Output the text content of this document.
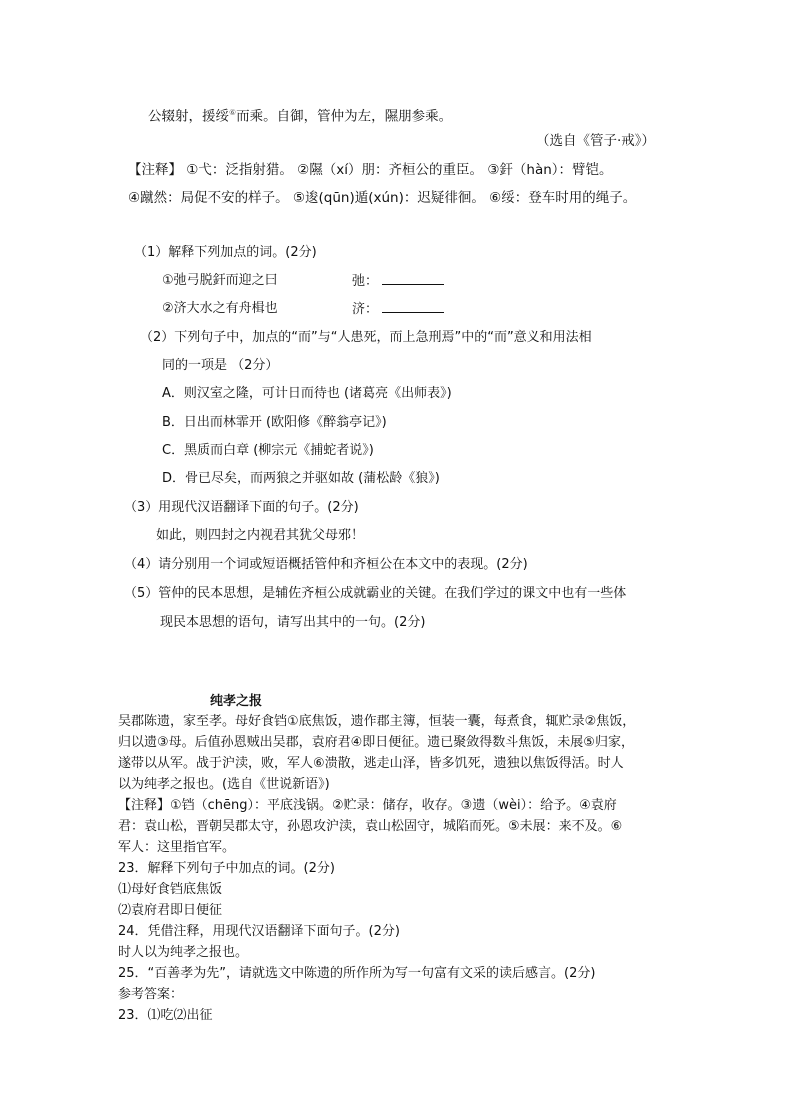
公辍射，援绥⑥而乘。自御，管仲为左，隰朋参乘。
（选自《管子·戒》）
【注释】 ①弋：泛指射猎。 ②隰（xí）朋：齐桓公的重臣。 ③釬（hàn）：臂铠。
④蹴然：局促不安的样子。 ⑤逡(qūn)遁(xún)：迟疑徘徊。 ⑥绥：登车时用的绳子。
（1）解释下列加点的词。(2分)
①弛弓脱釬而迎之曰	弛：
②济大水之有舟楫也	济：
（2）下列句子中，加点的“而”与“人患死，而上急刑焉”中的“而”意义和用法相
同的一项是 （2分）
A．则汉室之隆，可计日而待也 (诸葛亮《出师表》)
B．日出而林霏开 (欧阳修《醉翁亭记》)
C．黑质而白章 (柳宗元《捕蛇者说》)
D．骨已尽矣，而两狼之并驱如故 (蒲松龄《狼》)
（3）用现代汉语翻译下面的句子。(2分)
如此，则四封之内视君其犹父母邪！
（4）请分别用一个词或短语概括管仲和齐桓公在本文中的表现。(2分)
（5）管仲的民本思想，是辅佐齐桓公成就霸业的关键。在我们学过的课文中也有一些体
现民本思想的语句，请写出其中的一句。(2分)
纯孝之报
吴郡陈遗，家至孝。母好食铛①底焦饭，遗作郡主簿，恒装一囊，每煮食，辄贮录②焦饭，
归以遗③母。后值孙恩贼出吴郡，袁府君④即日便征。遗已聚敛得数斗焦饭，未展⑤归家，
遂带以从军。战于沪渎，败，军人⑥溃散，逃走山泽，皆多饥死，遗独以焦饭得活。时人
以为纯孝之报也。(选自《世说新语》)
【注释】①铛（chēng）：平底浅锅。②贮录：储存，收存。③遗（wèi）：给予。④袁府
君：袁山松，晋朝吴郡太守，孙恩攻沪渎，袁山松固守，城陷而死。⑤未展：来不及。⑥
军人：这里指官军。
23．解释下列句子中加点的词。(2分)
⑴母好食铛底焦饭
⑵袁府君即日便征
24．凭借注释，用现代汉语翻译下面句子。(2分)
时人以为纯孝之报也。
25．“百善孝为先”，请就选文中陈遗的所作所为写一句富有文采的读后感言。(2分)
参考答案：
23．⑴吃⑵出征
